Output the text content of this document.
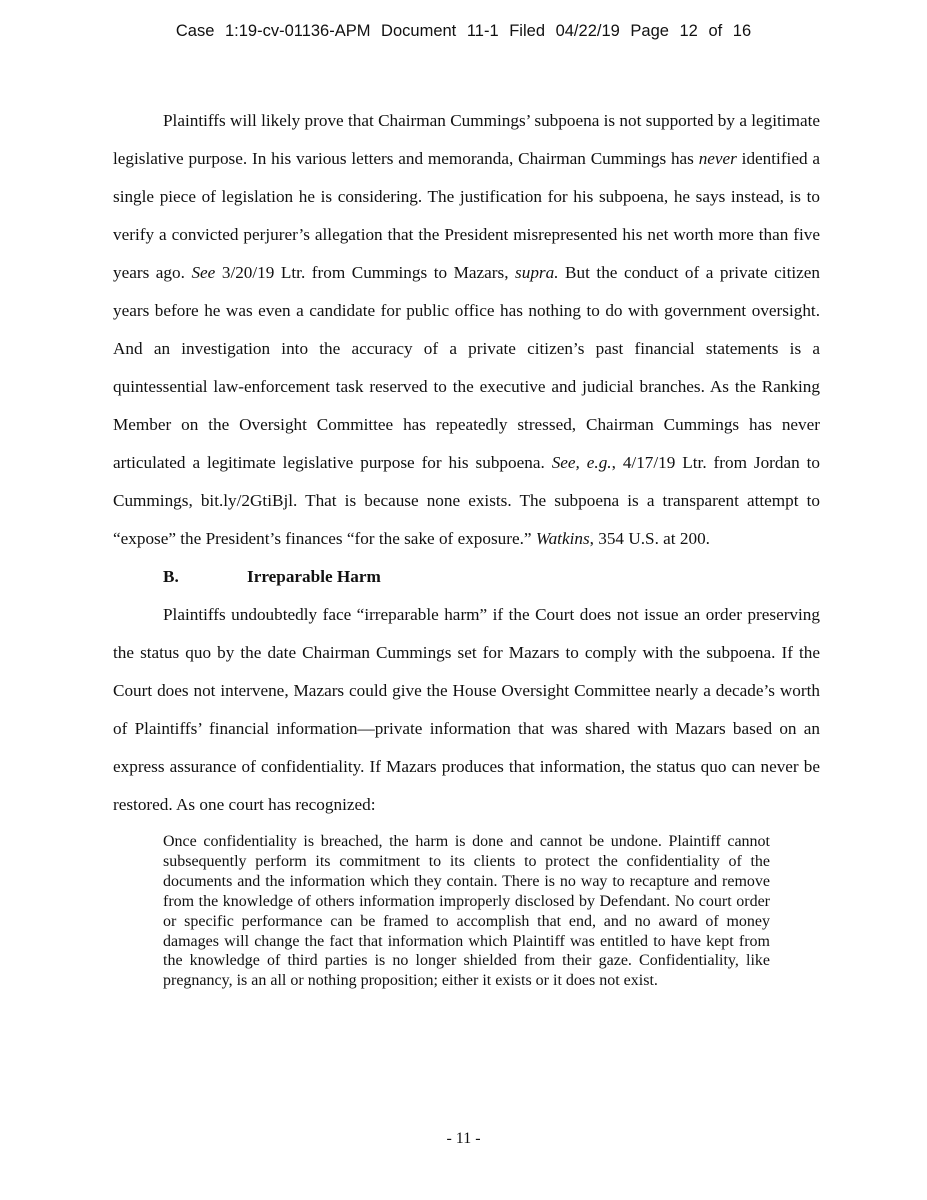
Case 1:19-cv-01136-APM Document 11-1 Filed 04/22/19 Page 12 of 16

Plaintiffs will likely prove that Chairman Cummings’ subpoena is not supported by a legitimate legislative purpose. In his various letters and memoranda, Chairman Cummings has never identified a single piece of legislation he is considering. The justification for his subpoena, he says instead, is to verify a convicted perjurer’s allegation that the President misrepresented his net worth more than five years ago. See 3/20/19 Ltr. from Cummings to Mazars, supra. But the conduct of a private citizen years before he was even a candidate for public office has nothing to do with government oversight. And an investigation into the accuracy of a private citizen’s past financial statements is a quintessential law-enforcement task reserved to the executive and judicial branches. As the Ranking Member on the Oversight Committee has repeatedly stressed, Chairman Cummings has never articulated a legitimate legislative purpose for his subpoena. See, e.g., 4/17/19 Ltr. from Jordan to Cummings, bit.ly/2GtiBjl. That is because none exists. The subpoena is a transparent attempt to “expose” the President’s finances “for the sake of exposure.” Watkins, 354 U.S. at 200.

B.	Irreparable Harm

Plaintiffs undoubtedly face “irreparable harm” if the Court does not issue an order preserving the status quo by the date Chairman Cummings set for Mazars to comply with the subpoena. If the Court does not intervene, Mazars could give the House Oversight Committee nearly a decade’s worth of Plaintiffs’ financial information—private information that was shared with Mazars based on an express assurance of confidentiality. If Mazars produces that information, the status quo can never be restored. As one court has recognized:

Once confidentiality is breached, the harm is done and cannot be undone. Plaintiff cannot subsequently perform its commitment to its clients to protect the confidentiality of the documents and the information which they contain. There is no way to recapture and remove from the knowledge of others information improperly disclosed by Defendant. No court order or specific performance can be framed to accomplish that end, and no award of money damages will change the fact that information which Plaintiff was entitled to have kept from the knowledge of third parties is no longer shielded from their gaze. Confidentiality, like pregnancy, is an all or nothing proposition; either it exists or it does not exist.
- 11 -
